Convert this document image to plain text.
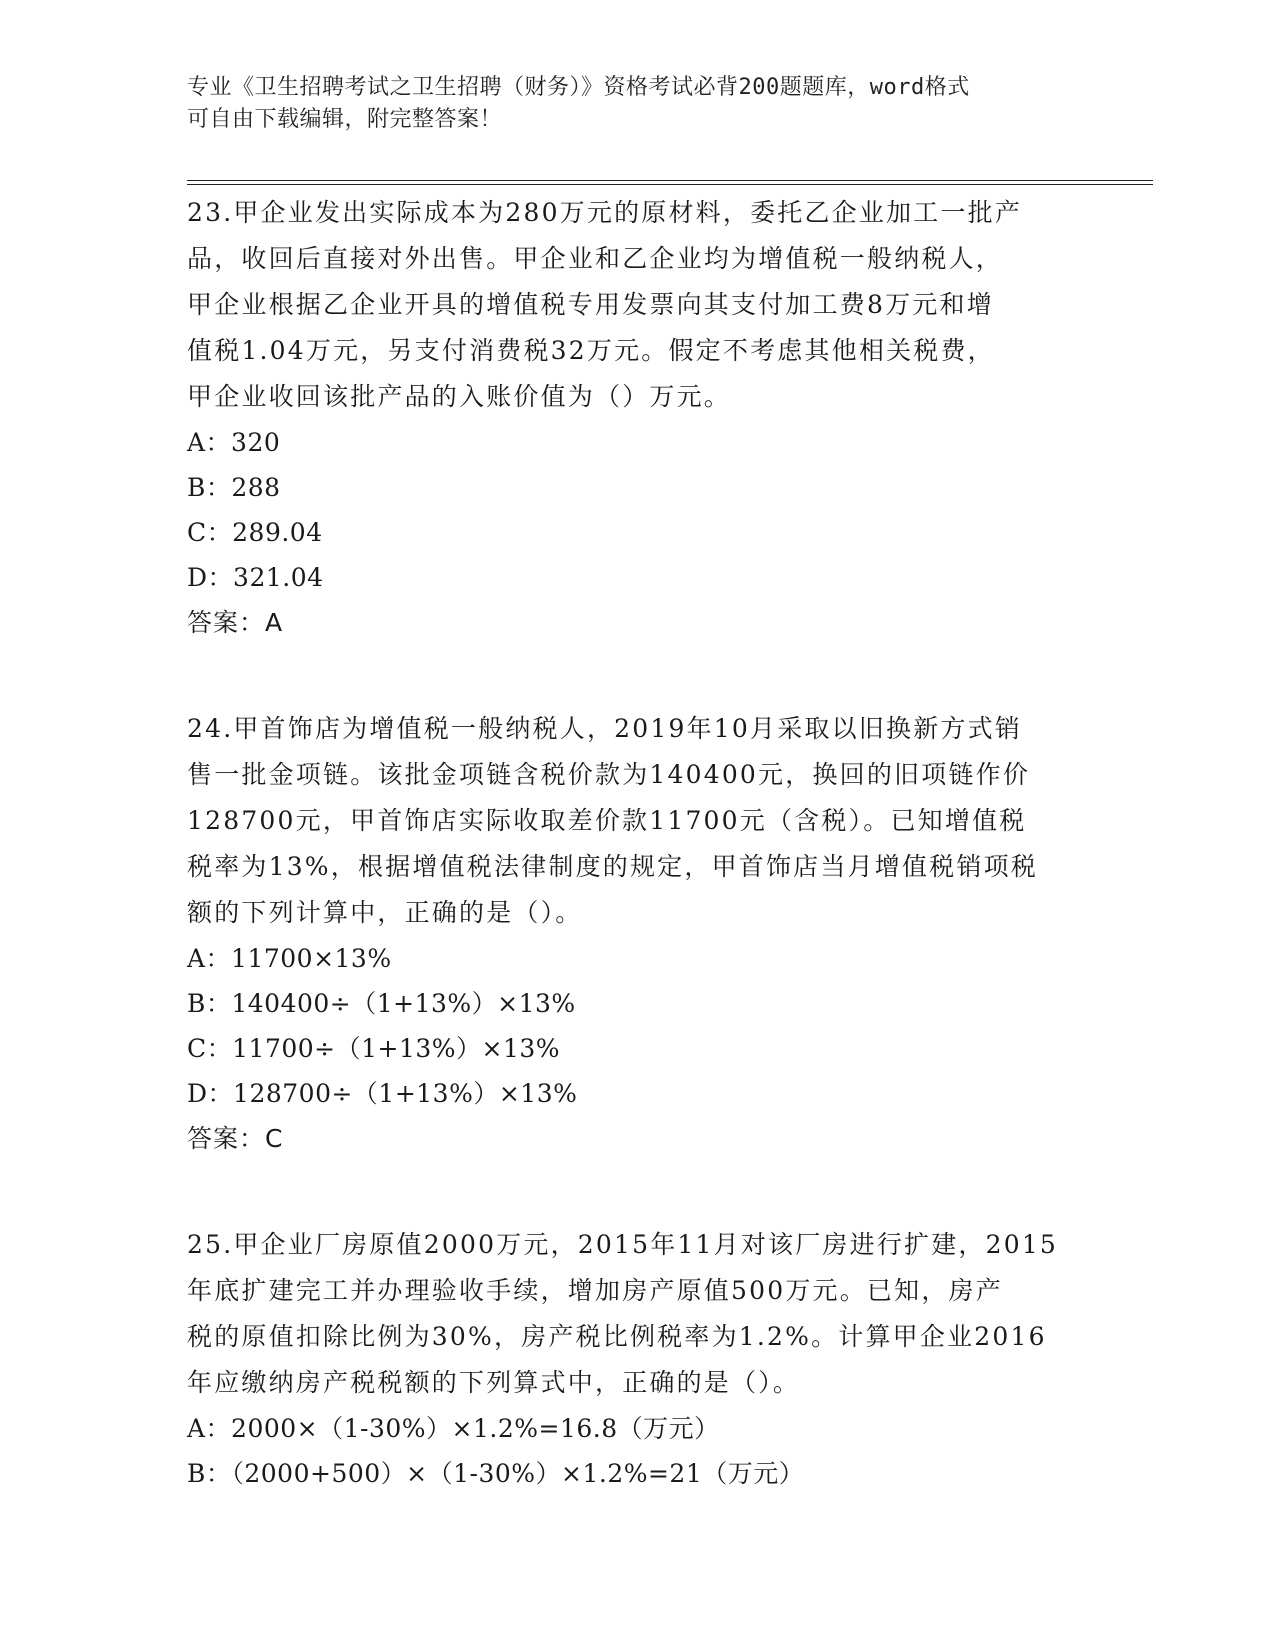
专业《卫生招聘考试之卫生招聘（财务）》资格考试必背200题题库，word格式
可自由下载编辑，附完整答案！

23.甲企业发出实际成本为280万元的原材料，委托乙企业加工一批产
品，收回后直接对外出售。甲企业和乙企业均为增值税一般纳税人，
甲企业根据乙企业开具的增值税专用发票向其支付加工费8万元和增
值税1.04万元，另支付消费税32万元。假定不考虑其他相关税费，
甲企业收回该批产品的入账价值为（）万元。

A：320
B：288
C：289.04
D：321.04
答案：A

24.甲首饰店为增值税一般纳税人，2019年10月采取以旧换新方式销
售一批金项链。该批金项链含税价款为140400元，换回的旧项链作价
128700元，甲首饰店实际收取差价款11700元（含税）。已知增值税
税率为13%，根据增值税法律制度的规定，甲首饰店当月增值税销项税
额的下列计算中，正确的是（）。

A：11700×13%
B：140400÷（1+13%）×13%
C：11700÷（1+13%）×13%
D：128700÷（1+13%）×13%
答案：C

25.甲企业厂房原值2000万元，2015年11月对该厂房进行扩建，2015
年底扩建完工并办理验收手续，增加房产原值500万元。已知，房产
税的原值扣除比例为30%，房产税比例税率为1.2%。计算甲企业2016
年应缴纳房产税税额的下列算式中，正确的是（）。

A：2000×（1-30%）×1.2%=16.8（万元）
B：（2000+500）×（1-30%）×1.2%=21（万元）
